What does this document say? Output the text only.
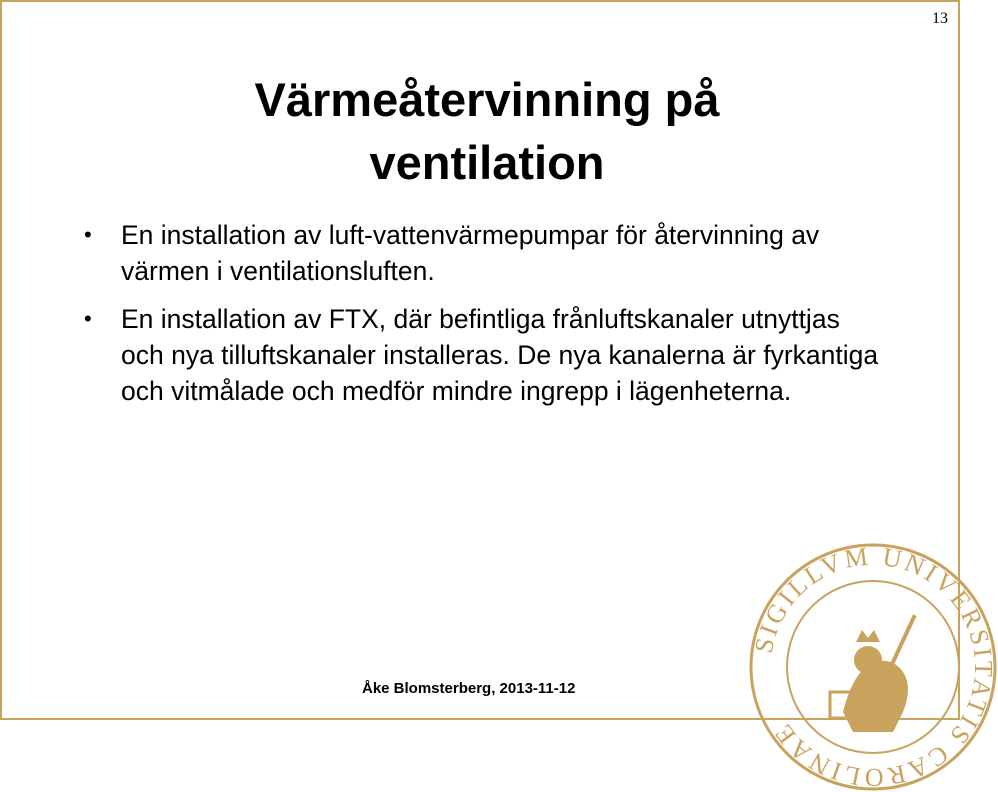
13
Värmeåtervinning på
ventilation
• En installation av luft-vattenvärmepumpar för återvinning av värmen i ventilationsluften.
• En installation av FTX, där befintliga frånluftskanaler utnyttjas och nya tilluftskanaler installeras. De nya kanalerna är fyrkantiga och vitmålade och medför mindre ingrepp i lägenheterna.
Åke Blomsterberg, 2013-11-12
SIGILLVM UNIVERSITATIS CAROLINAE
